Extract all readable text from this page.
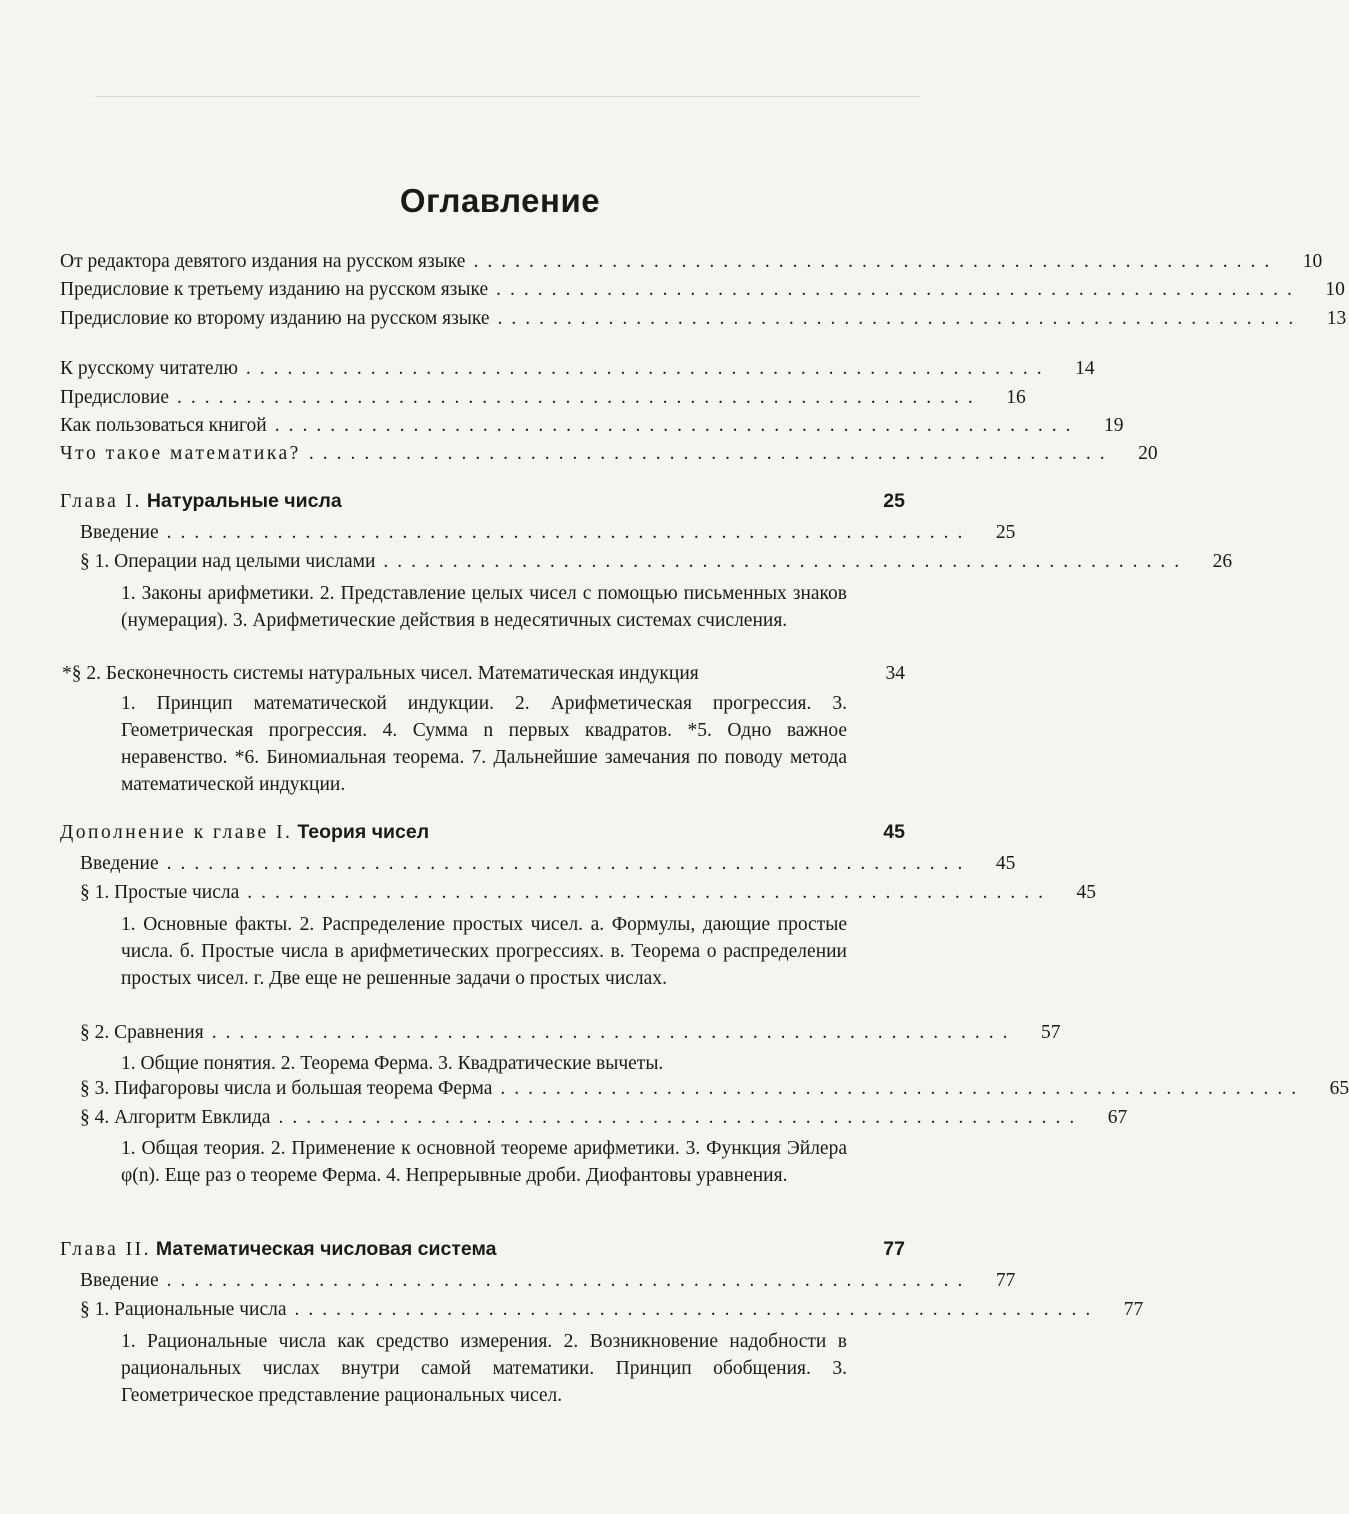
Оглавление
От редактора девятого издания на русском языке ..........................................................	10
Предисловие к третьему изданию на русском языке ..........................................................	10
Предисловие ко второму изданию на русском языке ..........................................................	13
К русскому читателю ..........................................................	14
Предисловие ..........................................................	16
Как пользоваться книгой ..........................................................	19
Что такое математика? ..........................................................	20
Глава I. Натуральные числа	25
Введение ..........................................................	25
§ 1. Операции над целыми числами ..........................................................	26
1. Законы арифметики. 2. Представление целых чисел с помощью письменных знаков (нумерация). 3. Арифметические действия в недесятичных системах счисления.
*§ 2. Бесконечность системы натуральных чисел. Математическая индукция	34
1. Принцип математической индукции. 2. Арифметическая прогрессия. 3. Геометрическая прогрессия. 4. Сумма n первых квадратов. *5. Одно важное неравенство. *6. Биномиальная теорема. 7. Дальнейшие замечания по поводу метода математической индукции.
Дополнение к главе I. Теория чисел	45
Введение ..........................................................	45
§ 1. Простые числа ..........................................................	45
1. Основные факты. 2. Распределение простых чисел. а. Формулы, дающие простые числа. б. Простые числа в арифметических прогрессиях. в. Теорема о распределении простых чисел. г. Две еще не решенные задачи о простых числах.
§ 2. Сравнения ..........................................................	57
1. Общие понятия. 2. Теорема Ферма. 3. Квадратические вычеты.
§ 3. Пифагоровы числа и большая теорема Ферма ..........................................................	65
§ 4. Алгоритм Евклида ..........................................................	67
1. Общая теория. 2. Применение к основной теореме арифметики. 3. Функция Эйлера φ(n). Еще раз о теореме Ферма. 4. Непрерывные дроби. Диофантовы уравнения.
Глава II. Математическая числовая система	77
Введение ..........................................................	77
§ 1. Рациональные числа ..........................................................	77
1. Рациональные числа как средство измерения. 2. Возникновение надобности в рациональных числах внутри самой математики. Принцип обобщения. 3. Геометрическое представление рациональных чисел.
